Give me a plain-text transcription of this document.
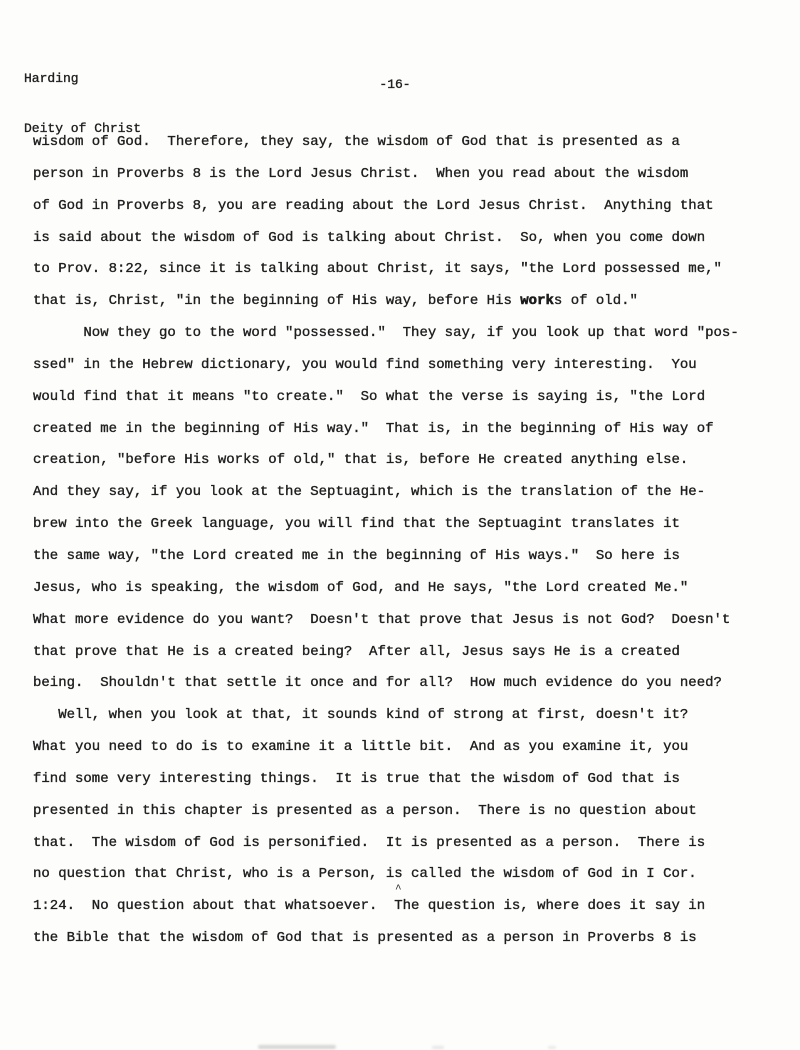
Harding

Deity of Christ

-16-
wisdom of God.  Therefore, they say, the wisdom of God that is presented as a
person in Proverbs 8 is the Lord Jesus Christ.  When you read about the wisdom
of God in Proverbs 8, you are reading about the Lord Jesus Christ.  Anything that
is said about the wisdom of God is talking about Christ.  So, when you come down
to Prov. 8:22, since it is talking about Christ, it says, "the Lord possessed me,"
that is, Christ, "in the beginning of His way, before His works of old."
Now they go to the word "possessed."  They say, if you look up that word "pos-
ssed" in the Hebrew dictionary, you would find something very interesting.  You
would find that it means "to create."  So what the verse is saying is, "the Lord
created me in the beginning of His way."  That is, in the beginning of His way of
creation, "before His works of old," that is, before He created anything else.
And they say, if you look at the Septuagint, which is the translation of the He-
brew into the Greek language, you will find that the Septuagint translates it
the same way, "the Lord created me in the beginning of His ways."  So here is
Jesus, who is speaking, the wisdom of God, and He says, "the Lord created Me."
What more evidence do you want?  Doesn't that prove that Jesus is not God?  Doesn't
that prove that He is a created being?  After all, Jesus says He is a created
being.  Shouldn't that settle it once and for all?  How much evidence do you need?
Well, when you look at that, it sounds kind of strong at first, doesn't it?
What you need to do is to examine it a little bit.  And as you examine it, you
find some very interesting things.  It is true that the wisdom of God that is
presented in this chapter is presented as a person.  There is no question about
that.  The wisdom of God is personified.  It is presented as a person.  There is
no question that Christ, who is a Person, is called the wisdom of God in I Cor.
1:24.  No question about that whatsoever.  The question is, where does it say in
the Bible that the wisdom of God that is presented as a person in Proverbs 8 is
^
